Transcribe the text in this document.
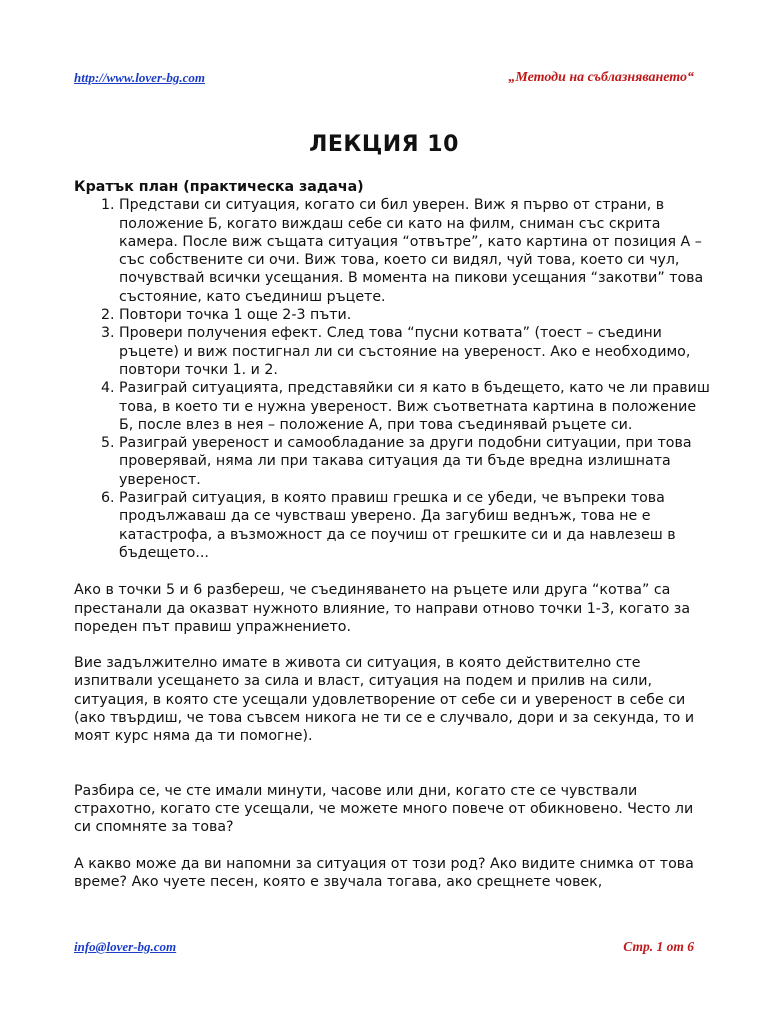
http://www.lover-bg.com	„Методи на съблазняването“
ЛЕКЦИЯ 10

Кратък план (практическа задача)

1. Представи си ситуация, когато си бил уверен. Виж я първо от страни, в положение Б, когато виждаш себе си като на филм, сниман със скрита камера. После виж същата ситуация “отвътре”, като картина от позиция А – със собствените си очи. Виж това, което си видял, чуй това, което си чул, почувствай всички усещания. В момента на пикови усещания “закотви” това състояние, като съединиш ръцете.
2. Повтори точка 1 още 2-3 пъти.
3. Провери получения ефект. След това “пусни котвата” (тоест – съедини ръцете) и виж постигнал ли си състояние на увереност. Ако е необходимо, повтори точки 1. и 2.
4. Разиграй ситуацията, представяйки си я като в бъдещето, като че ли правиш това, в което ти е нужна увереност. Виж съответната картина в положение Б, после влез в нея – положение А, при това съединявай ръцете си.
5. Разиграй увереност и самообладание за други подобни ситуации, при това проверявай, няма ли при такава ситуация да ти бъде вредна излишната увереност.
6. Разиграй ситуация, в която правиш грешка и се убеди, че въпреки това продължаваш да се чувстваш уверено. Да загубиш веднъж, това не е катастрофа, а възможност да се поучиш от грешките си и да навлезеш в бъдещето...

Ако в точки 5 и 6 разбереш, че съединяването на ръцете или друга “котва” са престанали да оказват нужното влияние, то направи отново точки 1-3, когато за пореден път правиш упражнението.

Вие задължително имате в живота си ситуация, в която действително сте изпитвали усещането за сила и власт, ситуация на подем и прилив на сили, ситуация, в която сте усещали удовлетворение от себе си и увереност в себе си (ако твърдиш, че това съвсем никога не ти се е случвало, дори и за секунда, то и моят курс няма да ти помогне).

Разбира се, че сте имали минути, часове или дни, когато сте се чувствали страхотно, когато сте усещали, че можете много повече от обикновено. Често ли си спомняте за това?

А какво може да ви напомни за ситуация от този род? Ако видите снимка от това време? Ако чуете песен, която е звучала тогава, ако срещнете човек,

info@lover-bg.com	Стр. 1 от 6
